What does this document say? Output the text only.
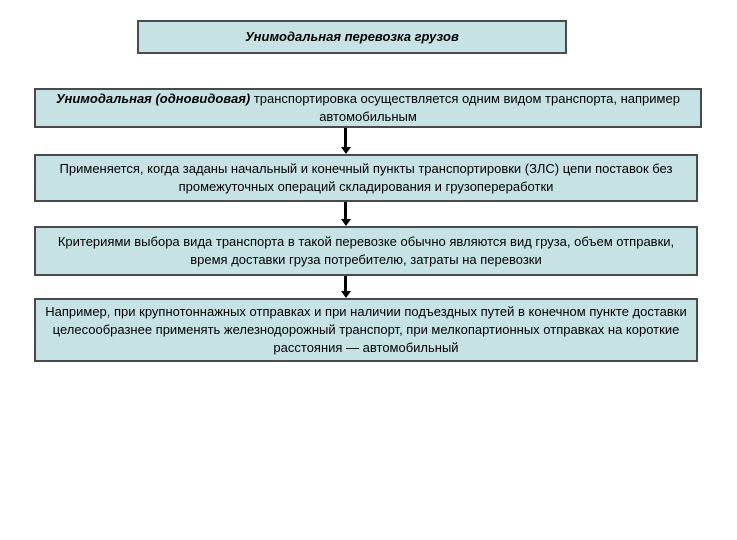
Унимодальная перевозка грузов
Унимодальная (одновидовая) транспортировка осуществляется одним видом транспорта, например автомобильным
Применяется, когда заданы начальный и конечный пункты транспортировки (ЗЛС) цепи поставок без промежуточных операций складирования и грузопереработки
Критериями выбора вида транспорта в такой перевозке обычно являются вид груза, объем отправки, время доставки груза потребителю, затраты на перевозки
Например, при крупнотоннажных отправках и при наличии подъездных путей в конечном пункте доставки целесообразнее применять железнодорожный транспорт, при мелкопартионных отправках на короткие расстояния — автомобильный
